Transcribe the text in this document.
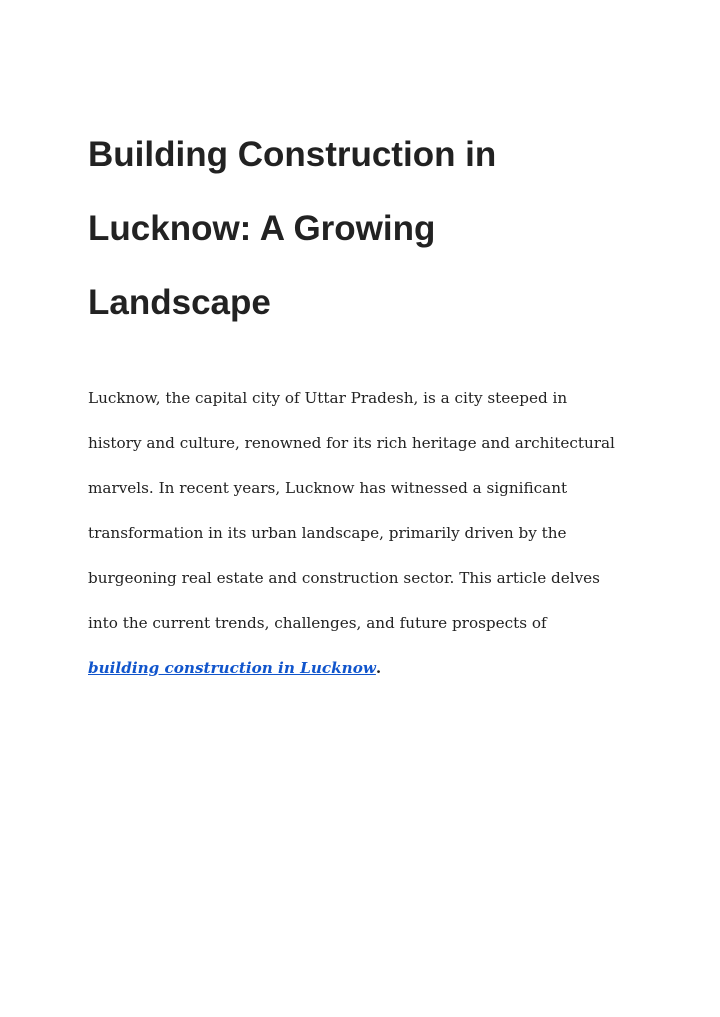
Building Construction in
Lucknow: A Growing
Landscape

Lucknow, the capital city of Uttar Pradesh, is a city steeped in
history and culture, renowned for its rich heritage and architectural
marvels. In recent years, Lucknow has witnessed a significant
transformation in its urban landscape, primarily driven by the
burgeoning real estate and construction sector. This article delves
into the current trends, challenges, and future prospects of
building construction in Lucknow.
